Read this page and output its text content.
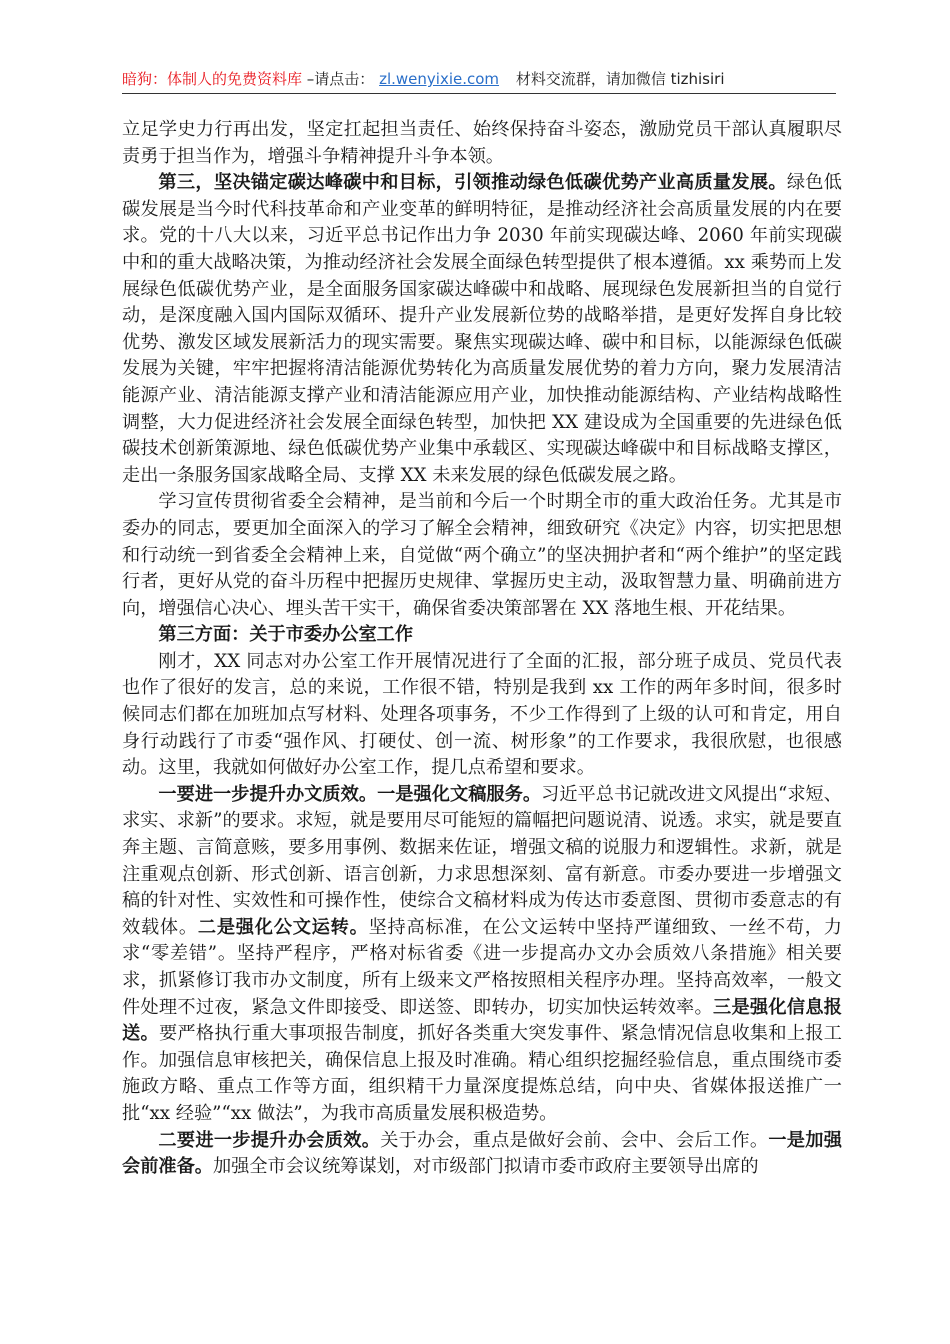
暗狗：体制人的免费资料库 –请点击： zl.wenyixie.com 材料交流群，请加微信 tizhisiri

立足学史力行再出发，坚定扛起担当责任、始终保持奋斗姿态，激励党员干部认真履职尽责勇于担当作为，增强斗争精神提升斗争本领。

第三，坚决锚定碳达峰碳中和目标，引领推动绿色低碳优势产业高质量发展。绿色低碳发展是当今时代科技革命和产业变革的鲜明特征，是推动经济社会高质量发展的内在要求。党的十八大以来，习近平总书记作出力争 2030 年前实现碳达峰、2060 年前实现碳中和的重大战略决策，为推动经济社会发展全面绿色转型提供了根本遵循。xx 乘势而上发展绿色低碳优势产业，是全面服务国家碳达峰碳中和战略、展现绿色发展新担当的自觉行动，是深度融入国内国际双循环、提升产业发展新位势的战略举措，是更好发挥自身比较优势、激发区域发展新活力的现实需要。聚焦实现碳达峰、碳中和目标，以能源绿色低碳发展为关键，牢牢把握将清洁能源优势转化为高质量发展优势的着力方向，聚力发展清洁能源产业、清洁能源支撑产业和清洁能源应用产业，加快推动能源结构、产业结构战略性调整，大力促进经济社会发展全面绿色转型，加快把 XX 建设成为全国重要的先进绿色低碳技术创新策源地、绿色低碳优势产业集中承载区、实现碳达峰碳中和目标战略支撑区，走出一条服务国家战略全局、支撑 XX 未来发展的绿色低碳发展之路。

学习宣传贯彻省委全会精神，是当前和今后一个时期全市的重大政治任务。尤其是市委办的同志，要更加全面深入的学习了解全会精神，细致研究《决定》内容，切实把思想和行动统一到省委全会精神上来，自觉做“两个确立”的坚决拥护者和“两个维护”的坚定践行者，更好从党的奋斗历程中把握历史规律、掌握历史主动，汲取智慧力量、明确前进方向，增强信心决心、埋头苦干实干，确保省委决策部署在 XX 落地生根、开花结果。

第三方面：关于市委办公室工作

刚才，XX 同志对办公室工作开展情况进行了全面的汇报，部分班子成员、党员代表也作了很好的发言，总的来说，工作很不错，特别是我到 xx 工作的两年多时间，很多时候同志们都在加班加点写材料、处理各项事务，不少工作得到了上级的认可和肯定，用自身行动践行了市委“强作风、打硬仗、创一流、树形象”的工作要求，我很欣慰，也很感动。这里，我就如何做好办公室工作，提几点希望和要求。

一要进一步提升办文质效。一是强化文稿服务。习近平总书记就改进文风提出“求短、求实、求新”的要求。求短，就是要用尽可能短的篇幅把问题说清、说透。求实，就是要直奔主题、言简意赅，要多用事例、数据来佐证，增强文稿的说服力和逻辑性。求新，就是注重观点创新、形式创新、语言创新，力求思想深刻、富有新意。市委办要进一步增强文稿的针对性、实效性和可操作性，使综合文稿材料成为传达市委意图、贯彻市委意志的有效载体。二是强化公文运转。坚持高标准，在公文运转中坚持严谨细致、一丝不苟，力求“零差错”。坚持严程序，严格对标省委《进一步提高办文办会质效八条措施》相关要求，抓紧修订我市办文制度，所有上级来文严格按照相关程序办理。坚持高效率，一般文件处理不过夜，紧急文件即接受、即送签、即转办，切实加快运转效率。三是强化信息报送。要严格执行重大事项报告制度，抓好各类重大突发事件、紧急情况信息收集和上报工作。加强信息审核把关，确保信息上报及时准确。精心组织挖掘经验信息，重点围绕市委施政方略、重点工作等方面，组织精干力量深度提炼总结，向中央、省媒体报送推广一批“xx 经验”“xx 做法”，为我市高质量发展积极造势。

二要进一步提升办会质效。关于办会，重点是做好会前、会中、会后工作。一是加强会前准备。加强全市会议统筹谋划，对市级部门拟请市委市政府主要领导出席的
